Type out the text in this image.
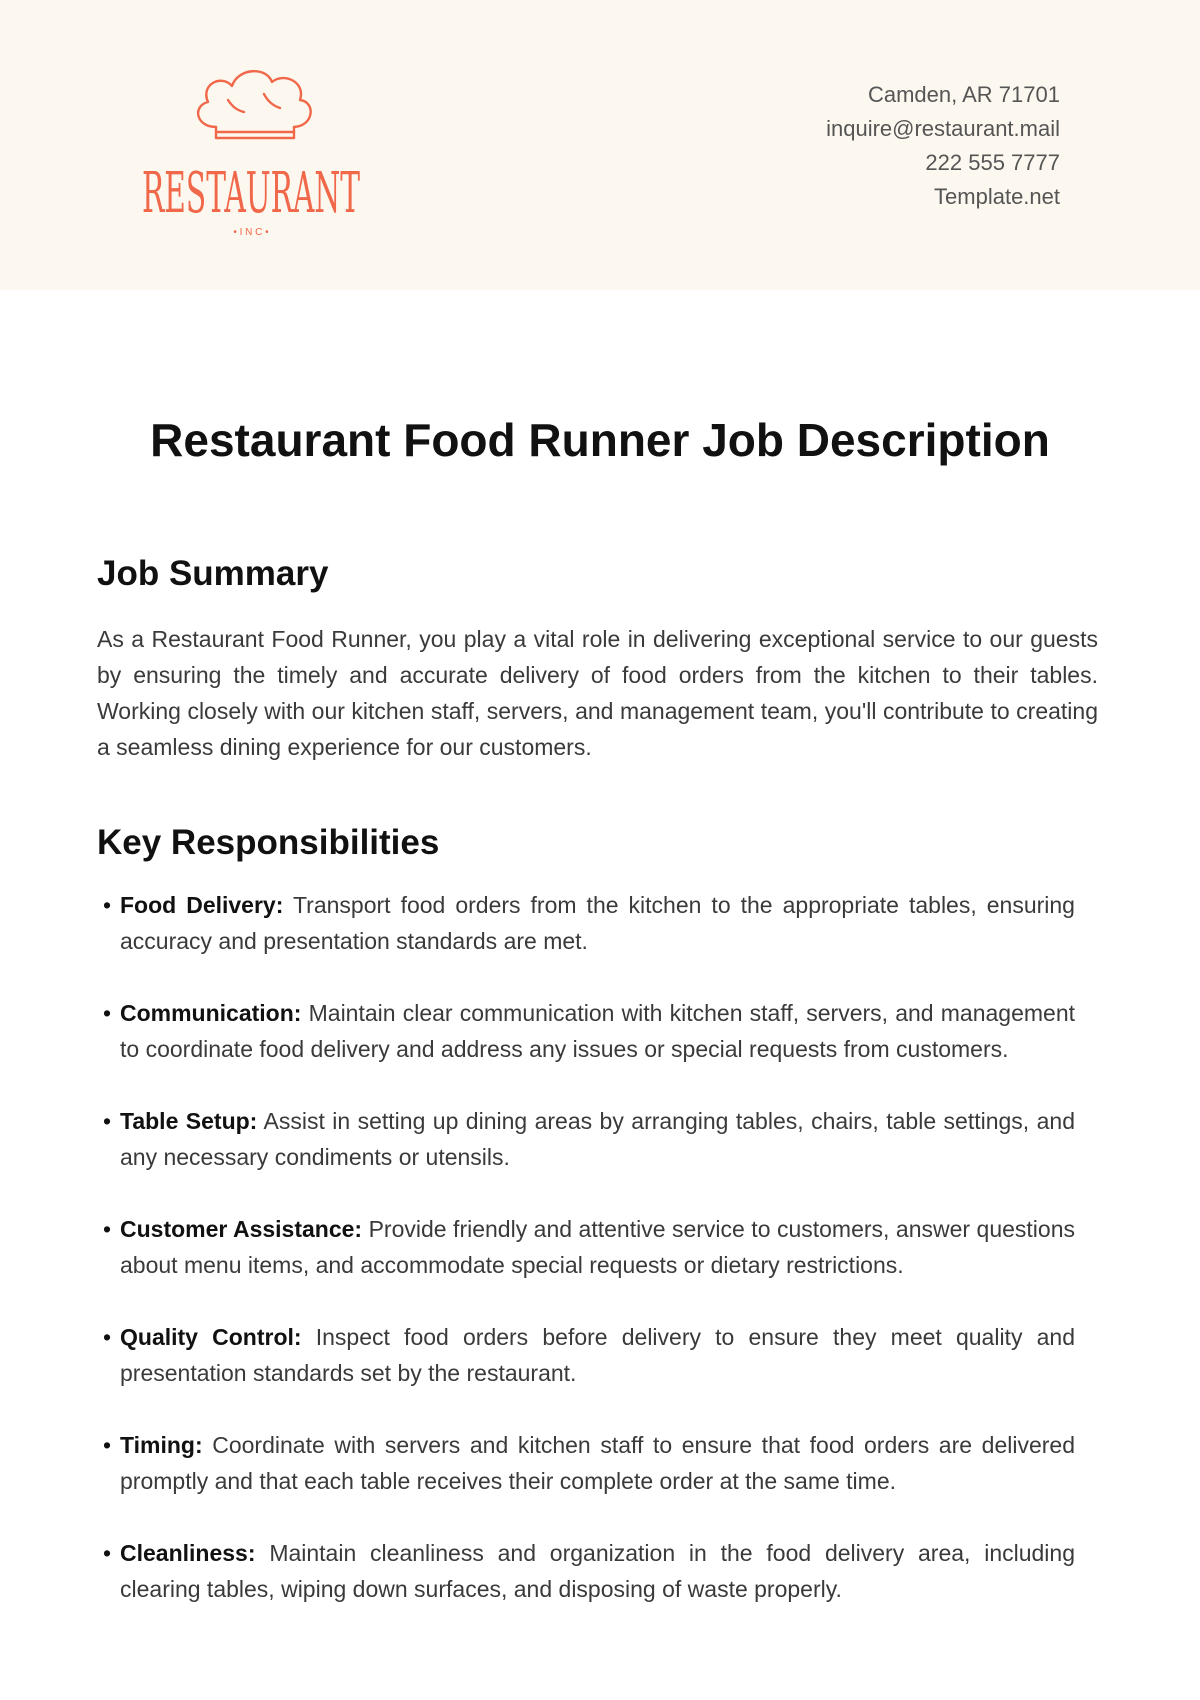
RESTAURANT
• I N C •
Camden, AR 71701
inquire@restaurant.mail
222 555 7777
Template.net
Restaurant Food Runner Job Description
Job Summary

As a Restaurant Food Runner, you play a vital role in delivering exceptional service to our guests by ensuring the timely and accurate delivery of food orders from the kitchen to their tables. Working closely with our kitchen staff, servers, and management team, you'll contribute to creating a seamless dining experience for our customers.

Key Responsibilities
• Food Delivery: Transport food orders from the kitchen to the appropriate tables, ensuring accuracy and presentation standards are met.
• Communication: Maintain clear communication with kitchen staff, servers, and management to coordinate food delivery and address any issues or special requests from customers.
• Table Setup: Assist in setting up dining areas by arranging tables, chairs, table settings, and any necessary condiments or utensils.
• Customer Assistance: Provide friendly and attentive service to customers, answer questions about menu items, and accommodate special requests or dietary restrictions.
• Quality Control: Inspect food orders before delivery to ensure they meet quality and presentation standards set by the restaurant.
• Timing: Coordinate with servers and kitchen staff to ensure that food orders are delivered promptly and that each table receives their complete order at the same time.
• Cleanliness: Maintain cleanliness and organization in the food delivery area, including clearing tables, wiping down surfaces, and disposing of waste properly.
